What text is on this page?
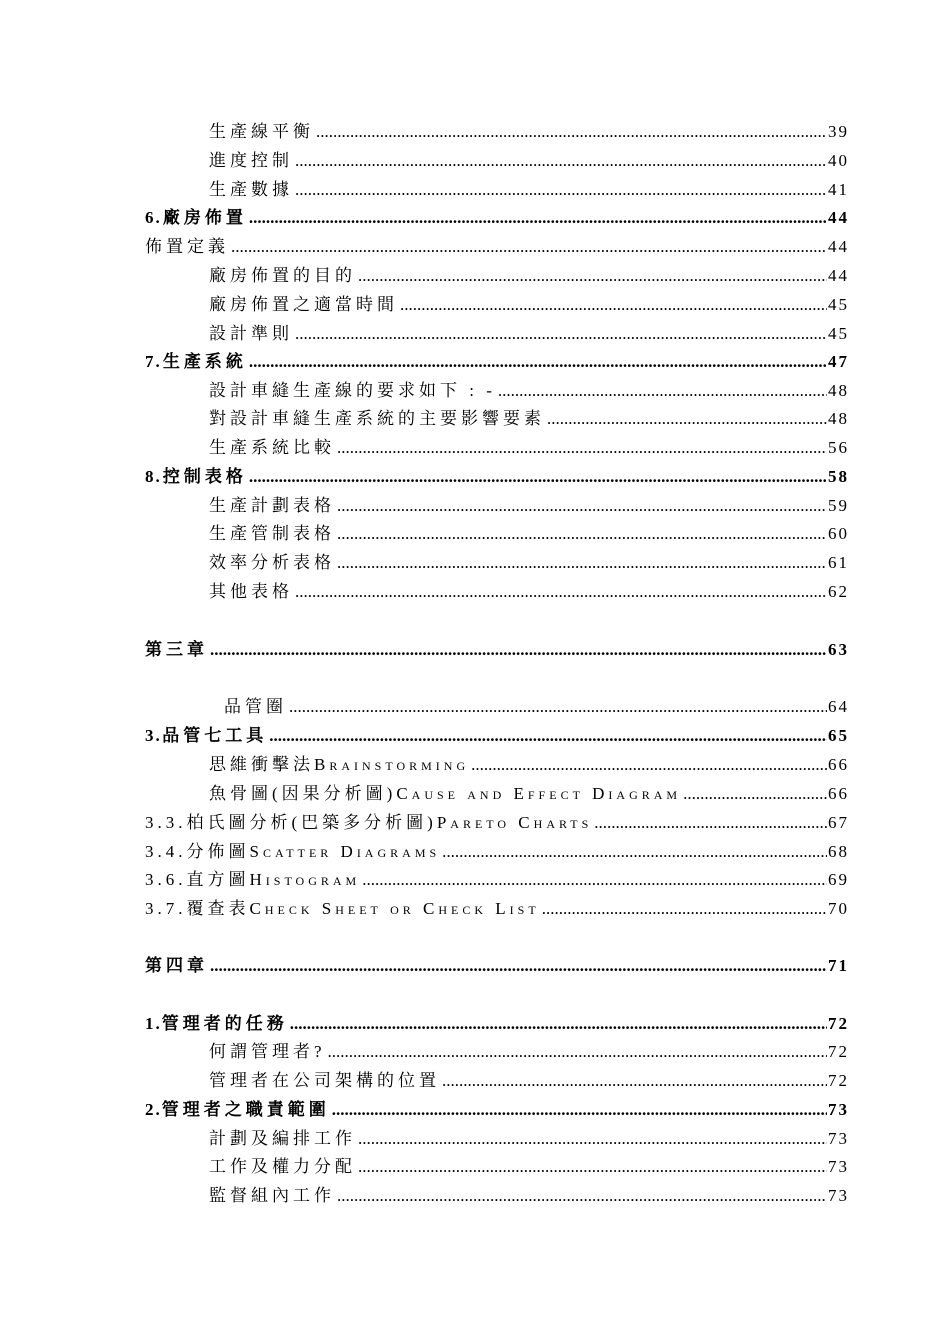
生產線平衡 .....	39
進度控制 .....	40
生產數據 .....	41
6. 廠房佈置 .....	44
佈置定義 .....	44
廠房佈置的目的 .....	44
廠房佈置之適當時間 .....	45
設計準則 .....	45
7. 生產系統 .....	47
設計車縫生產線的要求如下 : - .....	48
對設計車縫生產系統的主要影響要素 .....	48
生產系統比較 .....	56
8. 控制表格 .....	58
生產計劃表格 .....	59
生產管制表格 .....	60
效率分析表格 .....	61
其他表格 .....	62
第三章 .....	63
品管圈 .....	64
3. 品管七工具 .....	65
思維衝擊法Brainstorming .....	66
魚骨圖(因果分析圖)Cause and Effect Diagram .....	66
3.3. 柏氏圖分析(巴築多分析圖)Pareto Charts .....	67
3.4. 分佈圖Scatter Diagrams .....	68
3.6. 直方圖Histogram .....	69
3.7. 覆查表Check Sheet or Check List .....	70
第四章 .....	71
1. 管理者的任務 .....	72
何謂管理者? .....	72
管理者在公司架構的位置 .....	72
2. 管理者之職責範圍 .....	73
計劃及編排工作 .....	73
工作及權力分配 .....	73
監督組內工作 .....	73
